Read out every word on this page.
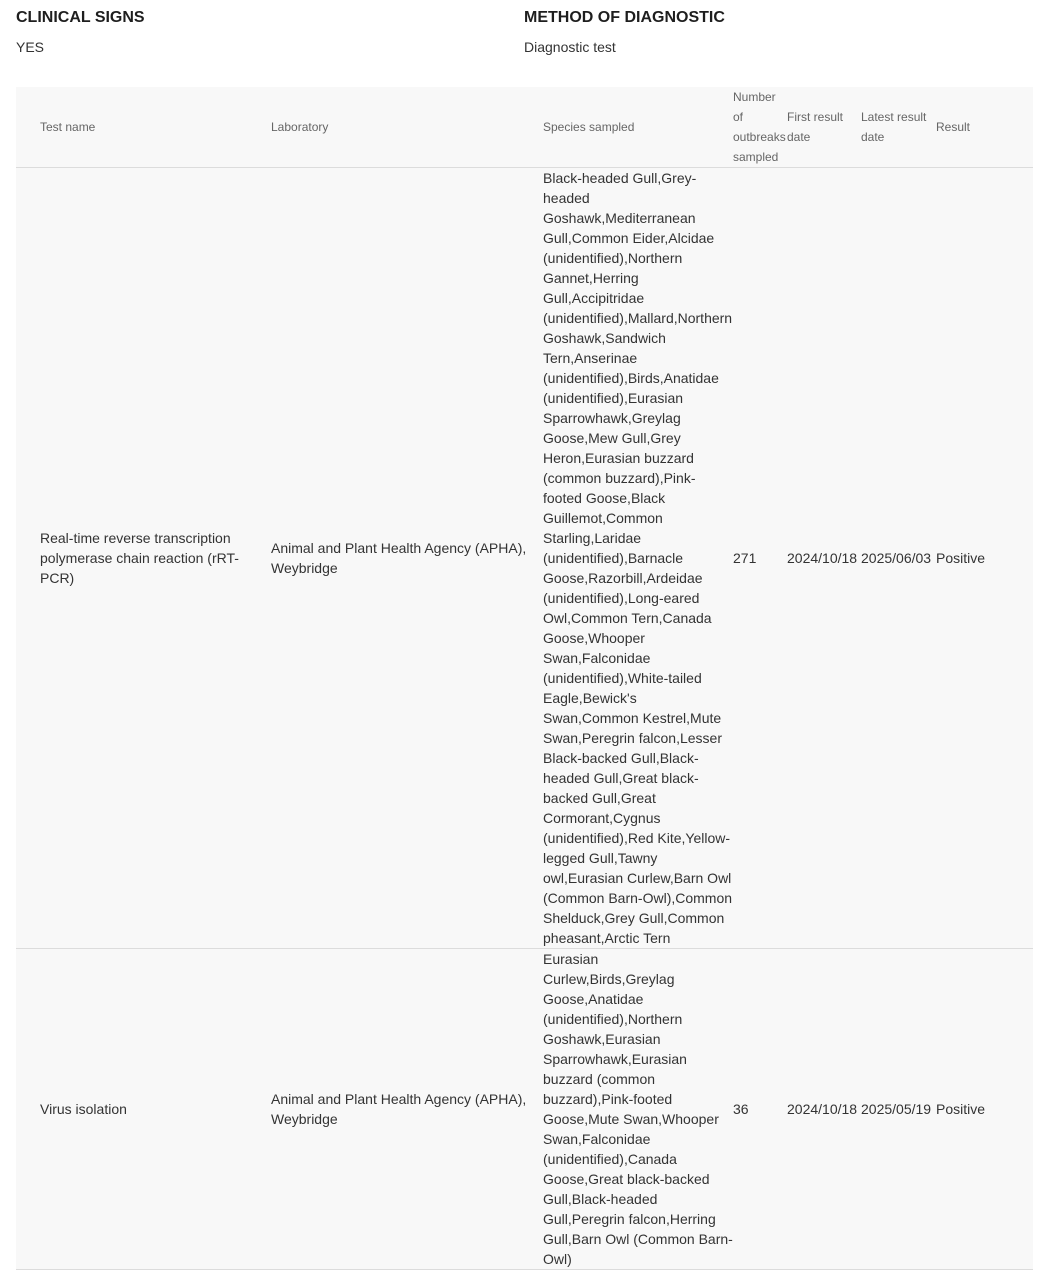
CLINICAL SIGNS
YES
METHOD OF DIAGNOSTIC
Diagnostic test
Test name	Laboratory	Species sampled	Number of outbreaks sampled	First result date	Latest result date	Result
Real-time reverse transcription polymerase chain reaction (rRT-PCR)	Animal and Plant Health Agency (APHA), Weybridge	Black-headed Gull,Grey-headed Goshawk,Mediterranean Gull,Common Eider,Alcidae (unidentified),Northern Gannet,Herring Gull,Accipitridae (unidentified),Mallard,Northern Goshawk,Sandwich Tern,Anserinae (unidentified),Birds,Anatidae (unidentified),Eurasian Sparrowhawk,Greylag Goose,Mew Gull,Grey Heron,Eurasian buzzard (common buzzard),Pink-footed Goose,Black Guillemot,Common Starling,Laridae (unidentified),Barnacle Goose,Razorbill,Ardeidae (unidentified),Long-eared Owl,Common Tern,Canada Goose,Whooper Swan,Falconidae (unidentified),White-tailed Eagle,Bewick's Swan,Common Kestrel,Mute Swan,Peregrin falcon,Lesser Black-backed Gull,Black-headed Gull,Great black-backed Gull,Great Cormorant,Cygnus (unidentified),Red Kite,Yellow-legged Gull,Tawny owl,Eurasian Curlew,Barn Owl (Common Barn-Owl),Common Shelduck,Grey Gull,Common pheasant,Arctic Tern	271	2024/10/18	2025/06/03	Positive
Virus isolation	Animal and Plant Health Agency (APHA), Weybridge	Eurasian Curlew,Birds,Greylag Goose,Anatidae (unidentified),Northern Goshawk,Eurasian Sparrowhawk,Eurasian buzzard (common buzzard),Pink-footed Goose,Mute Swan,Whooper Swan,Falconidae (unidentified),Canada Goose,Great black-backed Gull,Black-headed Gull,Peregrin falcon,Herring Gull,Barn Owl (Common Barn-Owl)	36	2024/10/18	2025/05/19	Positive
